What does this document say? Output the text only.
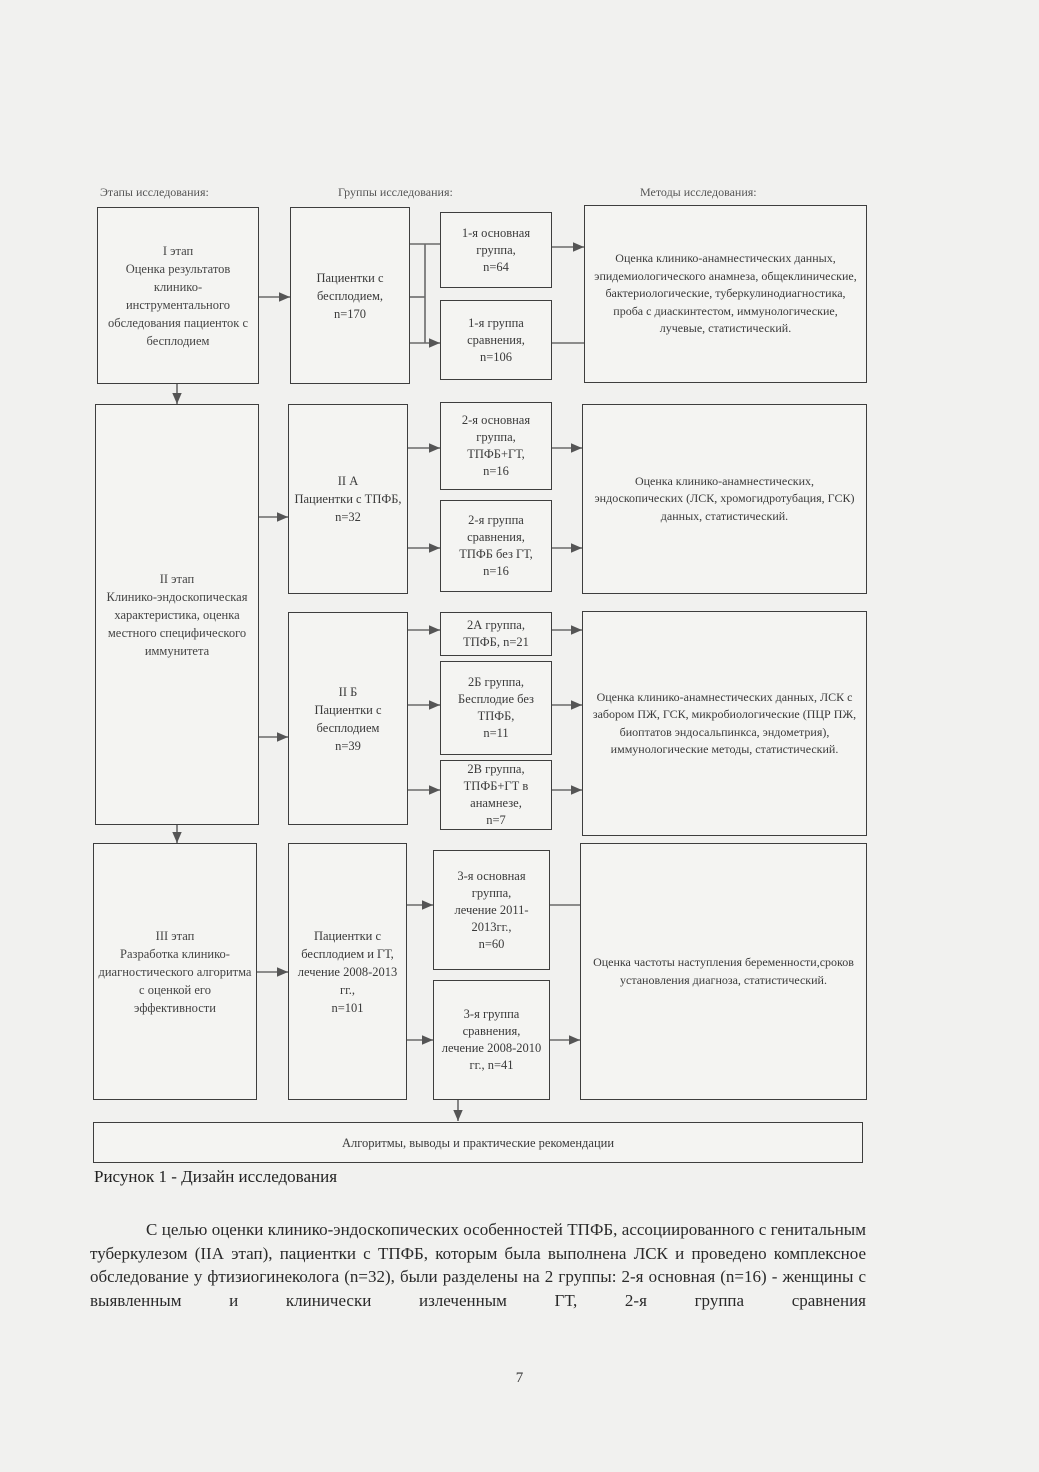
Этапы исследования:	Группы исследования:	Методы исследования:
I этап
Оценка результатов клинико-инструментального обследования пациенток с бесплодием
Пациентки с бесплодием,
n=170
1-я основная группа,
n=64
1-я группа сравнения,
n=106
Оценка клинико-анамнестических данных, эпидемиологического анамнеза, общеклинические, бактериологические, туберкулинодиагностика, проба с диаскинтестом, иммунологические, лучевые, статистический.
II этап
Клинико-эндоскопическая характеристика, оценка местного специфического иммунитета
II А
Пациентки с ТПФБ,
n=32
2-я основная группа,
ТПФБ+ГТ,
n=16
2-я группа сравнения,
ТПФБ без ГТ,
n=16
Оценка клинико-анамнестических, эндоскопических (ЛСК, хромогидротубация, ГСК) данных, статистический.
II Б
Пациентки с бесплодием
n=39
2А группа,
ТПФБ, n=21
2Б группа,
Бесплодие без ТПФБ,
n=11
2В группа,
ТПФБ+ГТ в анамнезе,
n=7
Оценка клинико-анамнестических данных, ЛСК с забором ПЖ, ГСК, микробиологические (ПЦР ПЖ, биоптатов эндосальпинкса, эндометрия), иммунологические методы, статистический.
III этап
Разработка клинико-диагностического алгоритма с оценкой его эффективности
Пациентки с бесплодием и ГТ, лечение 2008-2013 гг.,
n=101
3-я основная группа,
лечение 2011-2013гг.,
n=60
3-я группа сравнения,
лечение 2008-2010 гг., n=41
Оценка частоты наступления беременности,сроков установления диагноза, статистический.
Алгоритмы, выводы и практические рекомендации
Рисунок 1 - Дизайн исследования

С целью оценки клинико-эндоскопических особенностей ТПФБ, ассоциированного с генитальным туберкулезом (IIА этап), пациентки с ТПФБ, которым была выполнена ЛСК и проведено комплексное обследование у фтизиогинеколога (n=32), были разделены на 2 группы: 2-я основная (n=16) - женщины с выявленным и клинически излеченным ГТ, 2-я группа сравнения

7
